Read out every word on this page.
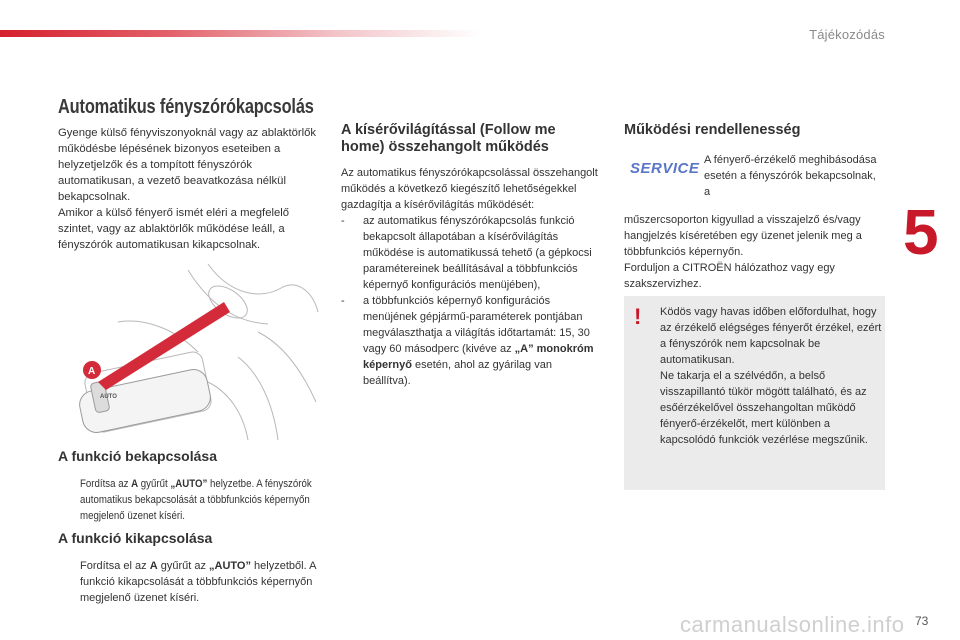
Tájékozódás
5
Automatikus fényszórókapcsolás

Gyenge külső fényviszonyoknál vagy az ablaktörlők működésbe lépésének bizonyos eseteiben a helyzetjelzők és a tompított fényszórók automatikusan, a vezető beavatkozása nélkül bekapcsolnak.

Amikor a külső fényerő ismét eléri a megfelelő szintet, vagy az ablaktörlők működése leáll, a fényszórók automatikusan kikapcsolnak.

AUTO
A
A funkció bekapcsolása
Fordítsa az A gyűrűt „AUTO” helyzetbe. A fényszórók automatikus bekapcsolását a többfunkciós képernyőn megjelenő üzenet kíséri.
A funkció kikapcsolása
Fordítsa el az A gyűrűt az „AUTO” helyzetből. A funkció kikapcsolását a többfunkciós képernyőn megjelenő üzenet kíséri.
A kísérővilágítással (Follow me home) összehangolt működés

Az automatikus fényszórókapcsolással összehangolt működés a következő kiegészítő lehetőségekkel gazdagítja a kísérővilágítás működését:

- az automatikus fényszórókapcsolás funkció bekapcsolt állapotában a kísérővilágítás működése is automatikussá tehető (a gépkocsi paramétereinek beállításával a többfunkciós képernyő konfigurációs menüjében),
- a többfunkciós képernyő konfigurációs menüjének gépjármű-paraméterek pontjában megválaszthatja a világítás időtartamát: 15, 30 vagy 60 másodperc (kivéve az „A” monokróm képernyő esetén, ahol az gyárilag van beállítva).
Működési rendellenesség
SERVICE A fényerő-érzékelő meghibásodása esetén a fényszórók bekapcsolnak, a

műszercsoporton kigyullad a visszajelző és/vagy hangjelzés kíséretében egy üzenet jelenik meg a többfunkciós képernyőn.

Forduljon a CITROËN hálózathoz vagy egy szakszervizhez.

! Ködös vagy havas időben előfordulhat, hogy az érzékelő elégséges fényerőt érzékel, ezért a fényszórók nem kapcsolnak be automatikusan.

Ne takarja el a szélvédőn, a belső visszapillantó tükör mögött található, és az esőérzékelővel összehangoltan működő fényerő-érzékelőt, mert különben a kapcsolódó funkciók vezérlése megszűnik.

carmanualsonline.info 73
